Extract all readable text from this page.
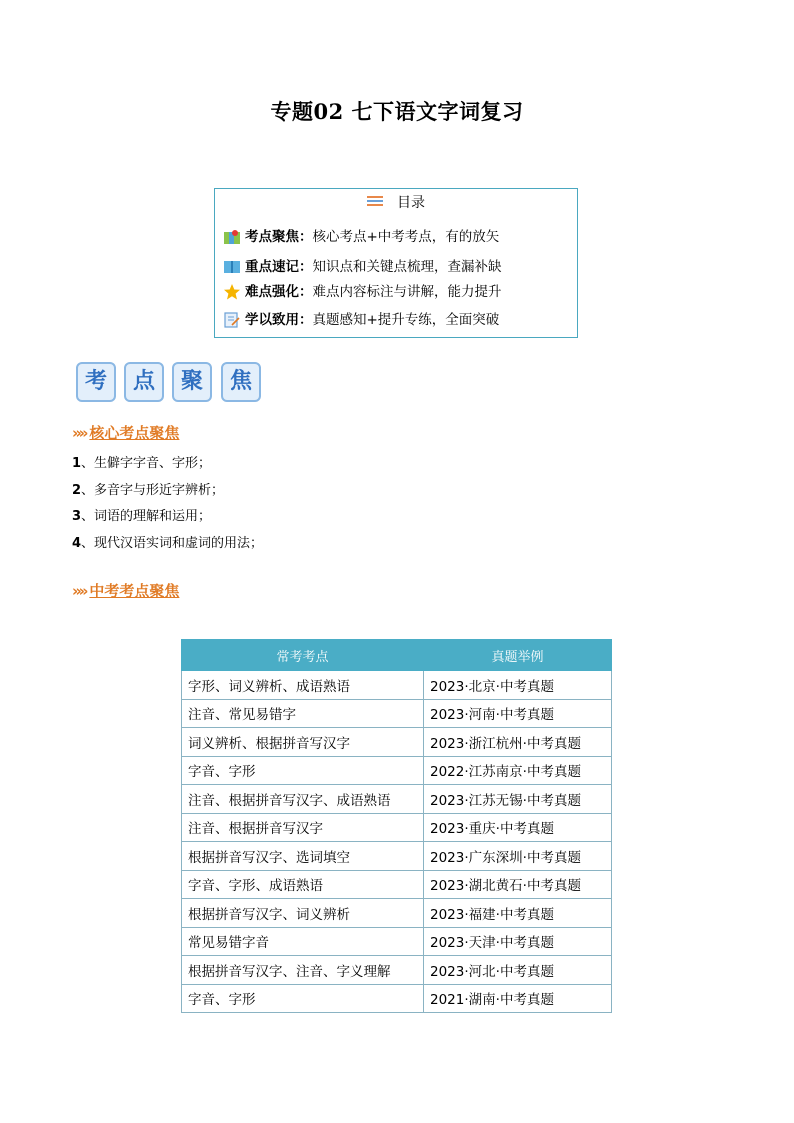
专题02 七下语文字词复习
目录
考点聚焦：核心考点+中考考点，有的放矢
重点速记：知识点和关键点梳理，查漏补缺
难点强化：难点内容标注与讲解，能力提升
学以致用：真题感知+提升专练，全面突破
考	点	聚	焦
»» 核心考点聚焦
1、生僻字字音、字形；
2、多音字与形近字辨析；
3、词语的理解和运用；
4、现代汉语实词和虚词的用法；
»» 中考考点聚焦
常考考点	真题举例
字形、词义辨析、成语熟语	2023·北京·中考真题
注音、常见易错字	2023·河南·中考真题
词义辨析、根据拼音写汉字	2023·浙江杭州·中考真题
字音、字形	2022·江苏南京·中考真题
注音、根据拼音写汉字、成语熟语	2023·江苏无锡·中考真题
注音、根据拼音写汉字	2023·重庆·中考真题
根据拼音写汉字、选词填空	2023·广东深圳·中考真题
字音、字形、成语熟语	2023·湖北黄石·中考真题
根据拼音写汉字、词义辨析	2023·福建·中考真题
常见易错字音	2023·天津·中考真题
根据拼音写汉字、注音、字义理解	2023·河北·中考真题
字音、字形	2021·湖南·中考真题
